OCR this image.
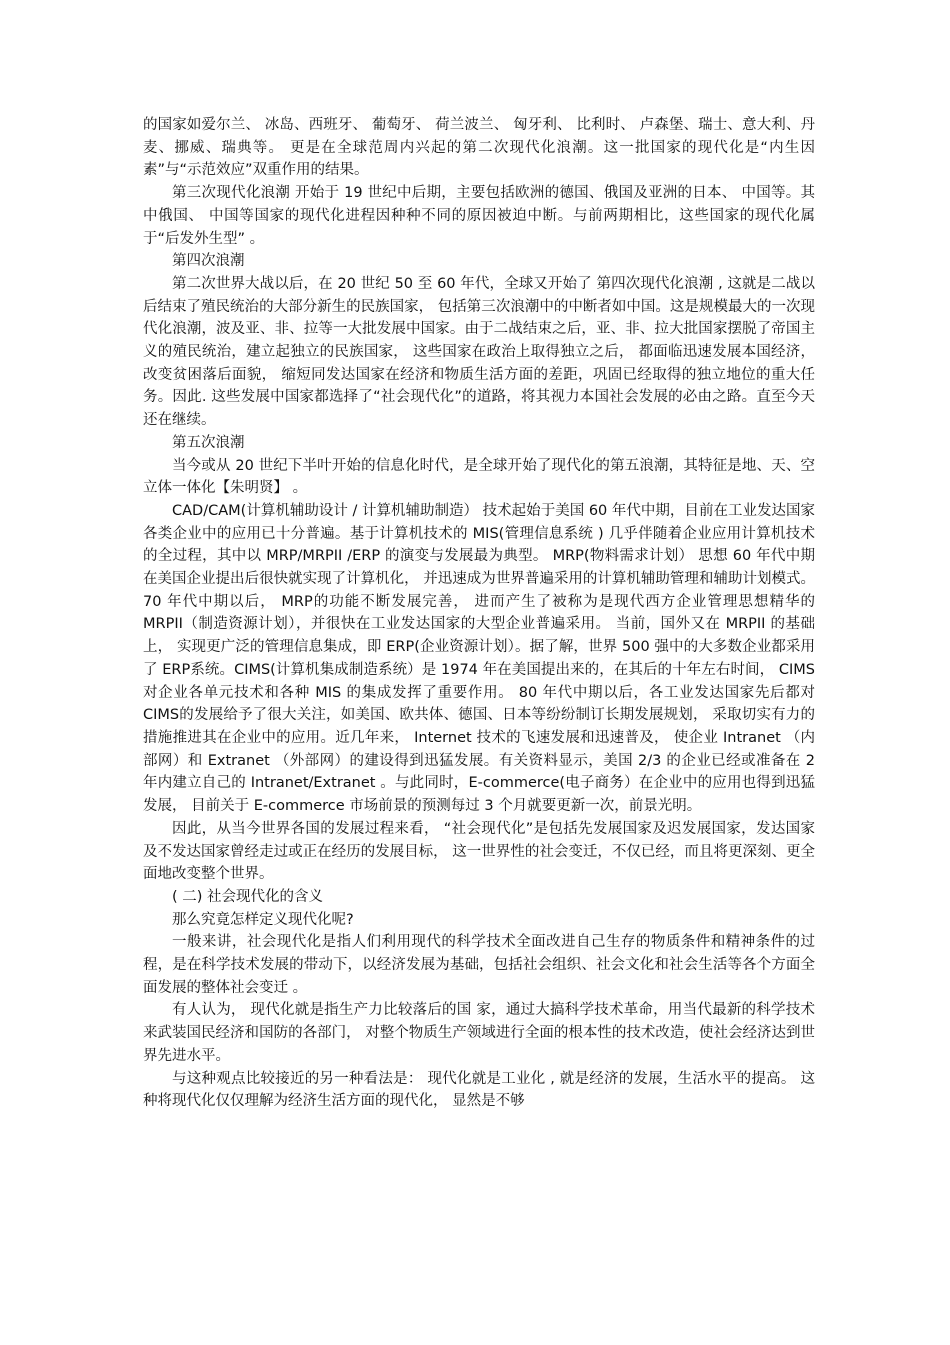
的国家如爱尔兰、 冰岛、西班牙、 葡萄牙、 荷兰波兰、 匈牙利、 比利时、 卢森堡、瑞士、意大利、丹麦、挪威、瑞典等。 更是在全球范周内兴起的第二次现代化浪潮。这一批国家的现代化是“内生因素”与“示范效应”双重作用的结果。

第三次现代化浪潮 开始于 19 世纪中后期，主要包括欧洲的德国、俄国及亚洲的日本、 中国等。其中俄国、 中国等国家的现代化进程因种种不同的原因被迫中断。与前两期相比，这些国家的现代化属于“后发外生型” 。

第四次浪潮

第二次世界大战以后，在 20 世纪 50 至 60 年代，全球又开始了 第四次现代化浪潮 , 这就是二战以后结束了殖民统治的大部分新生的民族国家， 包括第三次浪潮中的中断者如中国。这是规模最大的一次现代化浪潮，波及亚、非、拉等一大批发展中国家。由于二战结束之后，亚、非、拉大批国家摆脱了帝国主义的殖民统治，建立起独立的民族国家， 这些国家在政治上取得独立之后， 都面临迅速发展本国经济， 改变贫困落后面貌， 缩短同发达国家在经济和物质生活方面的差距，巩固已经取得的独立地位的重大任务。因此. 这些发展中国家都选择了“社会现代化”的道路，将其视力本国社会发展的必由之路。直至今天还在继续。

第五次浪潮

当今或从 20 世纪下半叶开始的信息化时代，是全球开始了现代化的第五浪潮，其特征是地、天、空立体一体化【朱明贤】 。

CAD/CAM(计算机辅助设计 / 计算机辅助制造） 技术起始于美国 60 年代中期，目前在工业发达国家各类企业中的应用已十分普遍。基于计算机技术的 MIS(管理信息系统 ) 几乎伴随着企业应用计算机技术的全过程，其中以 MRP/MRPII /ERP 的演变与发展最为典型。 MRP(物料需求计划） 思想 60 年代中期在美国企业提出后很快就实现了计算机化， 并迅速成为世界普遍采用的计算机辅助管理和辅助计划模式。70 年代中期以后， MRP的功能不断发展完善， 进而产生了被称为是现代西方企业管理思想精华的 MRPII（制造资源计划），并很快在工业发达国家的大型企业普遍采用。 当前，国外又在 MRPII 的基础上， 实现更广泛的管理信息集成，即 ERP(企业资源计划）。据了解，世界 500 强中的大多数企业都采用了 ERP系统。CIMS(计算机集成制造系统）是 1974 年在美国提出来的，在其后的十年左右时间， CIMS对企业各单元技术和各种 MIS 的集成发挥了重要作用。 80 年代中期以后，各工业发达国家先后都对 CIMS的发展给予了很大关注，如美国、欧共体、德国、日本等纷纷制订长期发展规划， 采取切实有力的措施推进其在企业中的应用。近几年来， Internet 技术的飞速发展和迅速普及， 使企业 Intranet （内部网）和 Extranet （外部网）的建设得到迅猛发展。有关资料显示，美国 2/3 的企业已经或准备在 2 年内建立自己的 Intranet/Extranet 。与此同时，E-commerce(电子商务）在企业中的应用也得到迅猛发展， 目前关于 E-commerce 市场前景的预测每过 3 个月就要更新一次，前景光明。

因此，从当今世界各国的发展过程来看， “社会现代化”是包括先发展国家及迟发展国家，发达国家及不发达国家曾经走过或正在经历的发展目标， 这一世界性的社会变迁，不仅已经，而且将更深刻、更全面地改变整个世界。

( 二) 社会现代化的含义

那么究竟怎样定义现代化呢?

一般来讲，社会现代化是指人们利用现代的科学技术全面改进自己生存的物质条件和精神条件的过程，是在科学技术发展的带动下，以经济发展为基础，包括社会组织、社会文化和社会生活等各个方面全面发展的整体社会变迁 。

有人认为， 现代化就是指生产力比较落后的国 家，通过大搞科学技术革命，用当代最新的科学技术来武装国民经济和国防的各部门， 对整个物质生产领域进行全面的根本性的技术改造，使社会经济达到世界先进水平。

与这种观点比较接近的另一种看法是： 现代化就是工业化 , 就是经济的发展，生活水平的提高。 这种将现代化仅仅理解为经济生活方面的现代化， 显然是不够
